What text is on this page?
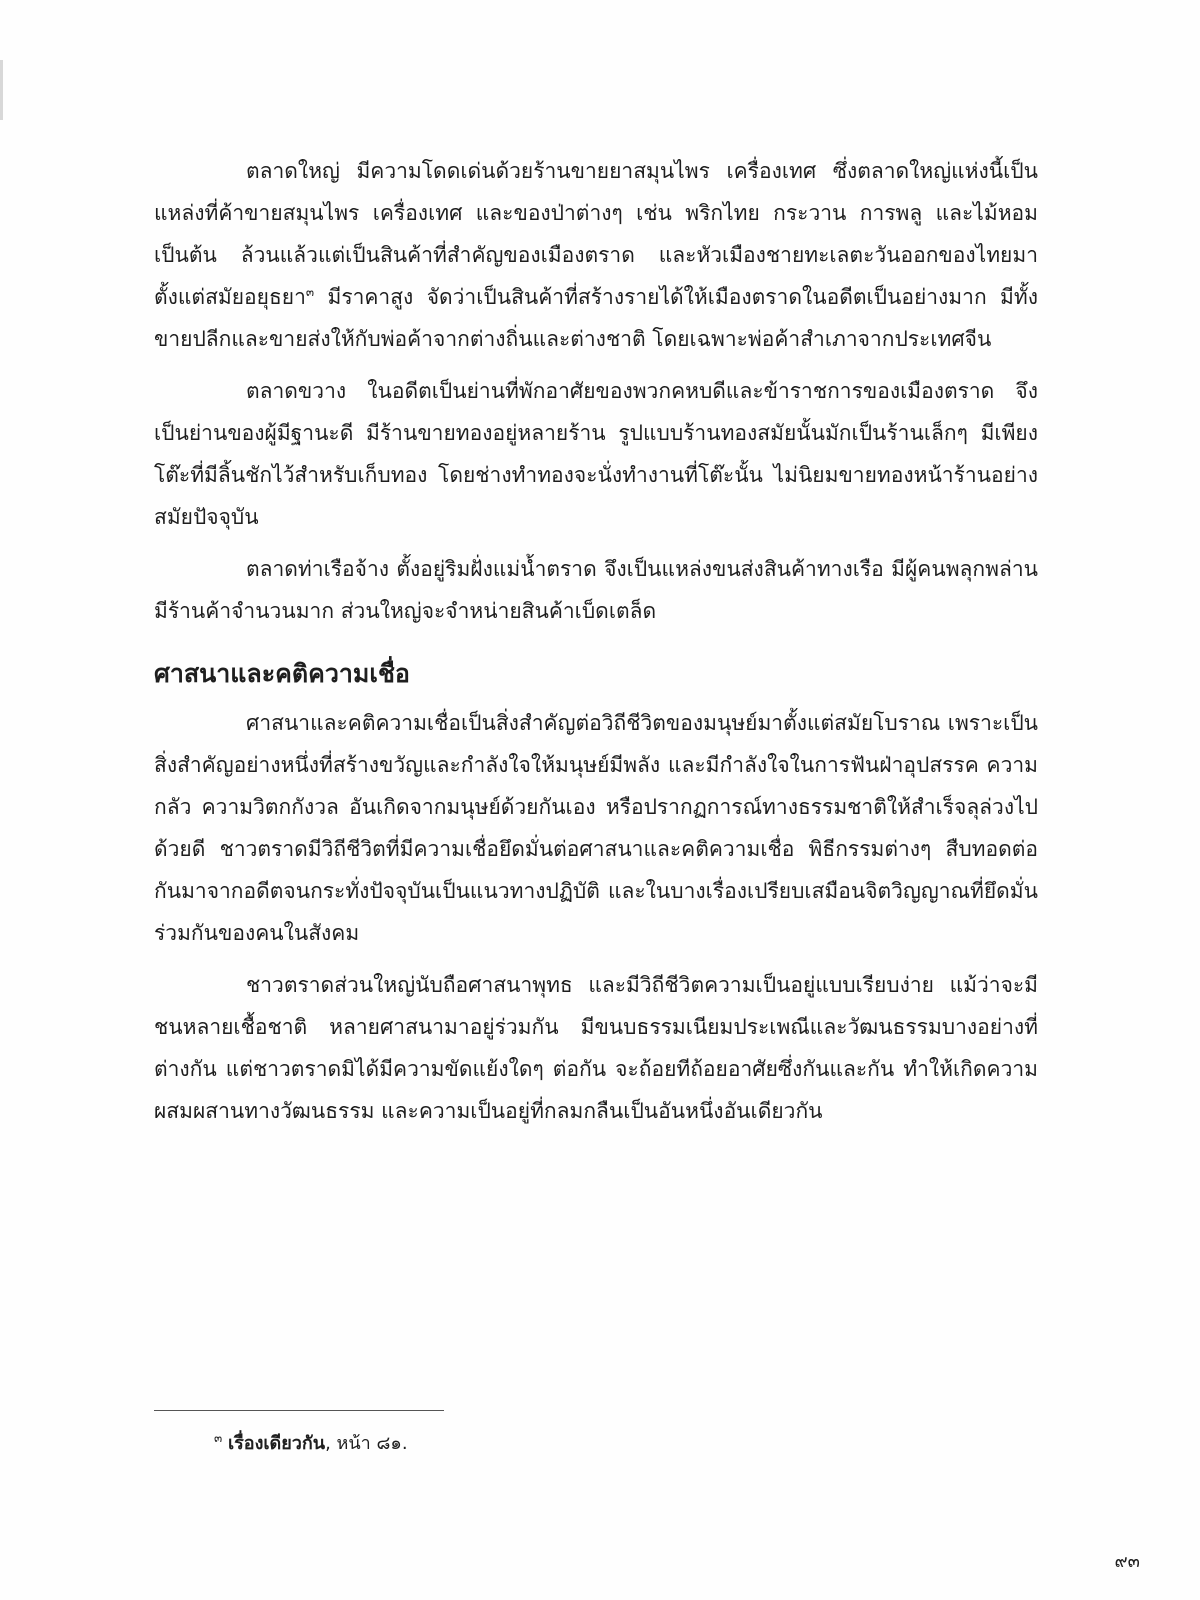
ตลาดใหญ่ มีความโดดเด่นด้วยร้านขายยาสมุนไพร เครื่องเทศ ซึ่งตลาดใหญ่แห่งนี้เป็นแหล่งที่ค้าขายสมุนไพร เครื่องเทศ และของป่าต่างๆ เช่น พริกไทย กระวาน การพลู และไม้หอม เป็นต้น ล้วนแล้วแต่เป็นสินค้าที่สำคัญของเมืองตราด และหัวเมืองชายทะเลตะวันออกของไทยมาตั้งแต่สมัยอยุธยา$^๓$ มีราคาสูง จัดว่าเป็นสินค้าที่สร้างรายได้ให้เมืองตราดในอดีตเป็นอย่างมาก มีทั้งขายปลีกและขายส่งให้กับพ่อค้าจากต่างถิ่นและต่างชาติ โดยเฉพาะพ่อค้าสำเภาจากประเทศจีน

ตลาดขวาง ในอดีตเป็นย่านที่พักอาศัยของพวกคหบดีและข้าราชการของเมืองตราด จึงเป็นย่านของผู้มีฐานะดี มีร้านขายทองอยู่หลายร้าน รูปแบบร้านทองสมัยนั้นมักเป็นร้านเล็กๆ มีเพียงโต๊ะที่มีลิ้นชักไว้สำหรับเก็บทอง โดยช่างทำทองจะนั่งทำงานที่โต๊ะนั้น ไม่นิยมขายทองหน้าร้านอย่างสมัยปัจจุบัน

ตลาดท่าเรือจ้าง ตั้งอยู่ริมฝั่งแม่น้ำตราด จึงเป็นแหล่งขนส่งสินค้าทางเรือ มีผู้คนพลุกพล่าน มีร้านค้าจำนวนมาก ส่วนใหญ่จะจำหน่ายสินค้าเบ็ดเตล็ด

ศาสนาและคติความเชื่อ

ศาสนาและคติความเชื่อเป็นสิ่งสำคัญต่อวิถีชีวิตของมนุษย์มาตั้งแต่สมัยโบราณ เพราะเป็นสิ่งสำคัญอย่างหนึ่งที่สร้างขวัญและกำลังใจให้มนุษย์มีพลัง และมีกำลังใจในการฟันฝ่าอุปสรรค ความกลัว ความวิตกกังวล อันเกิดจากมนุษย์ด้วยกันเอง หรือปรากฏการณ์ทางธรรมชาติให้สำเร็จลุล่วงไปด้วยดี ชาวตราดมีวิถีชีวิตที่มีความเชื่อยึดมั่นต่อศาสนาและคติความเชื่อ พิธีกรรมต่างๆ สืบทอดต่อกันมาจากอดีตจนกระทั่งปัจจุบันเป็นแนวทางปฏิบัติ และในบางเรื่องเปรียบเสมือนจิตวิญญาณที่ยึดมั่นร่วมกันของคนในสังคม

ชาวตราดส่วนใหญ่นับถือศาสนาพุทธ และมีวิถีชีวิตความเป็นอยู่แบบเรียบง่าย แม้ว่าจะมีชนหลายเชื้อชาติ หลายศาสนามาอยู่ร่วมกัน มีขนบธรรมเนียมประเพณีและวัฒนธรรมบางอย่างที่ต่างกัน แต่ชาวตราดมิได้มีความขัดแย้งใดๆ ต่อกัน จะถ้อยทีถ้อยอาศัยซึ่งกันและกัน ทำให้เกิดความผสมผสานทางวัฒนธรรม และความเป็นอยู่ที่กลมกลืนเป็นอันหนึ่งอันเดียวกัน

$^๓$ เรื่องเดียวกัน, หน้า ๘๑.
๙๓
